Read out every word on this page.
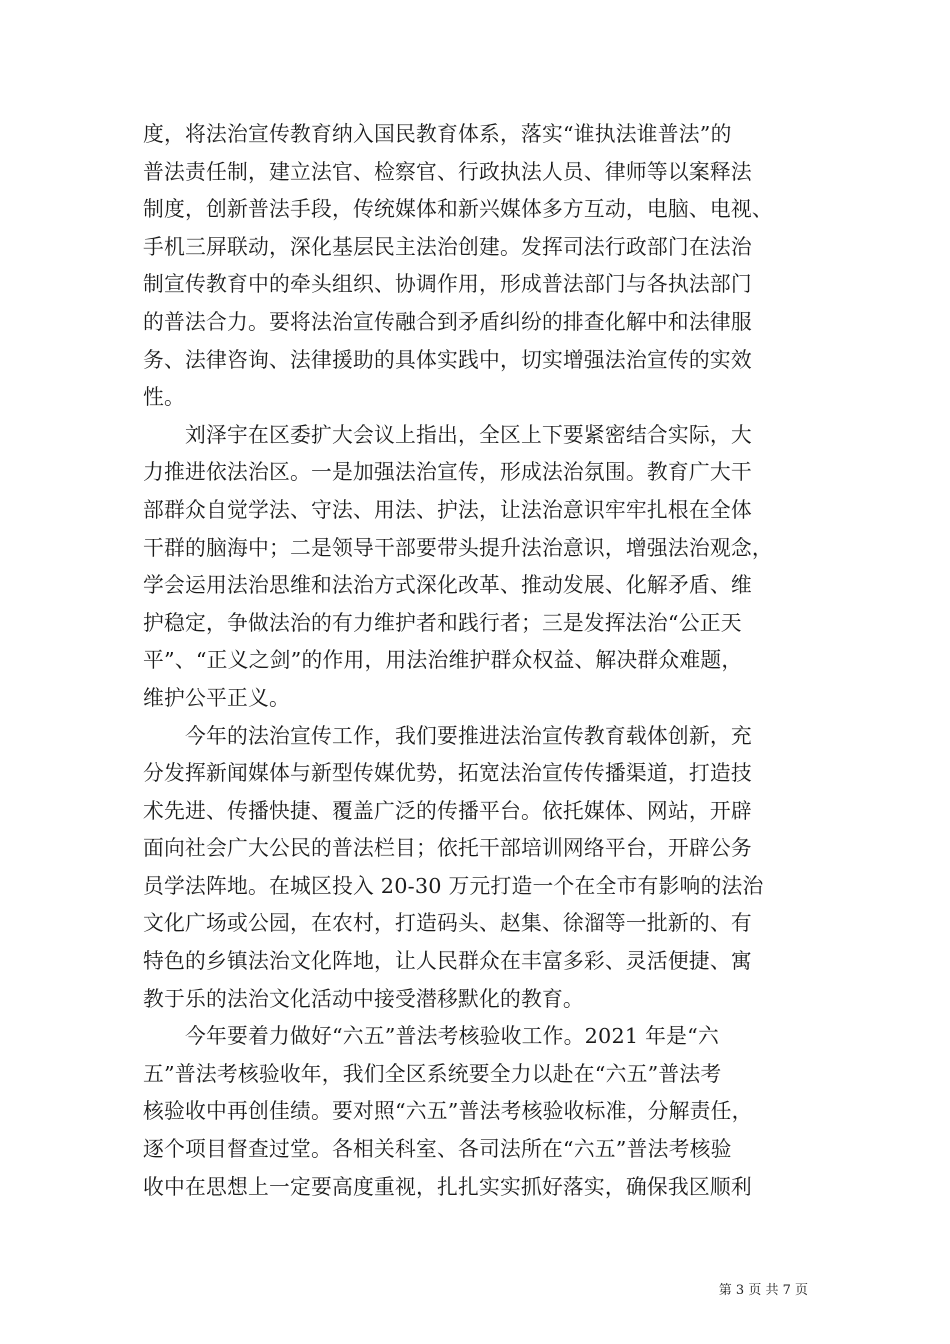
度，将法治宣传教育纳入国民教育体系，落实“谁执法谁普法”的
普法责任制，建立法官、检察官、行政执法人员、律师等以案释法
制度，创新普法手段，传统媒体和新兴媒体多方互动，电脑、电视、
手机三屏联动，深化基层民主法治创建。发挥司法行政部门在法治
制宣传教育中的牵头组织、协调作用，形成普法部门与各执法部门
的普法合力。要将法治宣传融合到矛盾纠纷的排查化解中和法律服
务、法律咨询、法律援助的具体实践中，切实增强法治宣传的实效
性。
　　刘泽宇在区委扩大会议上指出，全区上下要紧密结合实际，大
力推进依法治区。一是加强法治宣传，形成法治氛围。教育广大干
部群众自觉学法、守法、用法、护法，让法治意识牢牢扎根在全体
干群的脑海中；二是领导干部要带头提升法治意识，增强法治观念，
学会运用法治思维和法治方式深化改革、推动发展、化解矛盾、维
护稳定，争做法治的有力维护者和践行者；三是发挥法治“公正天
平”、“正义之剑”的作用，用法治维护群众权益、解决群众难题，
维护公平正义。
　　今年的法治宣传工作，我们要推进法治宣传教育载体创新，充
分发挥新闻媒体与新型传媒优势，拓宽法治宣传传播渠道，打造技
术先进、传播快捷、覆盖广泛的传播平台。依托媒体、网站，开辟
面向社会广大公民的普法栏目；依托干部培训网络平台，开辟公务
员学法阵地。在城区投入 20-30 万元打造一个在全市有影响的法治
文化广场或公园，在农村，打造码头、赵集、徐溜等一批新的、有
特色的乡镇法治文化阵地，让人民群众在丰富多彩、灵活便捷、寓
教于乐的法治文化活动中接受潜移默化的教育。
　　今年要着力做好“六五”普法考核验收工作。2021 年是“六
五”普法考核验收年，我们全区系统要全力以赴在“六五”普法考
核验收中再创佳绩。要对照“六五”普法考核验收标准，分解责任，
逐个项目督查过堂。各相关科室、各司法所在“六五”普法考核验
收中在思想上一定要高度重视，扎扎实实抓好落实，确保我区顺利
第 3 页 共 7 页
